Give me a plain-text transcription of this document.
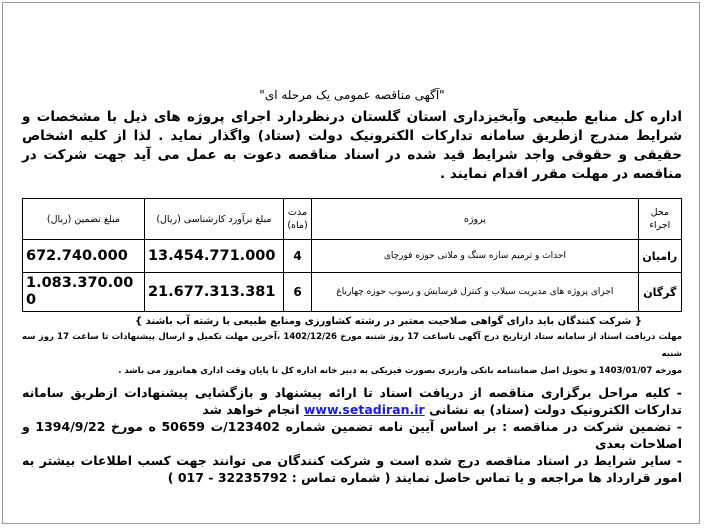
"آگهی مناقصه عمومی یک مرحله ای"

اداره کل منابع طبیعی وآبخیزداری استان گلستان درنظردارد اجرای پروژه های ذیل با مشخصات و شرایط مندرج ازطریق سامانه تدارکات الکترونیک دولت (ستاد) واگذار نماید . لذا از کلیه اشخاص حقیقی و حقوقی واجد شرایط قید شده در اسناد مناقصه دعوت به عمل می آید جهت شرکت در مناقصه در مهلت مقرر اقدام نمایند .

محل اجراء	پروژه	مدت (ماه)	مبلغ برآورد کارشناسی (ریال)	مبلغ تضمین (ریال)
رامیان	احداث و ترمیم سازه سنگ و ملاتی حوزه قورچای	4	13.454.771.000	672.740.000
گرگان	اجرای پروژه های مدیریت سیلاب و کنترل فرسایش و رسوب حوزه چهارباغ	6	21.677.313.381	1.083.370.000
{ شرکت کنندگان باید دارای گواهی صلاحیت معتبر در رشته کشاورزی ومنابع طبیعی با رشته آب باشند }
مهلت دریافت اسناد از سامانه ستاد ازتاریخ درج آگهی تاساعت 17 روز شنبه مورخ 1402/12/26 ،آخرین مهلت تکمیل و ارسال پیشنهادات تا ساعت 17 روز سه شنبه
مورخه 1403/01/07 و تحویل اصل ضمانتنامه بانکی واریزی بصورت فیزیکی به دبیر خانه اداره کل تا پایان وقت اداری همانروز می باشد .

- کلیه مراحل برگزاری مناقصه از دریافت اسناد تا ارائه پیشنهاد و بازگشایی پیشنهادات ازطریق سامانه تدارکات الکترونیک دولت (ستاد) به نشانی www.setadiran.ir انجام خواهد شد

- تضمین شرکت در مناقصه : بر اساس آیین نامه تضمین شماره 123402/ت 50659 ه مورخ 1394/9/22 و اصلاحات بعدی

- سایر شرایط در اسناد مناقصه درج شده است و شرکت کنندگان می توانند جهت کسب اطلاعات بیشتر به امور قرارداد ها مراجعه و یا تماس حاصل نمایند ( شماره تماس : 32235792 - 017 )
